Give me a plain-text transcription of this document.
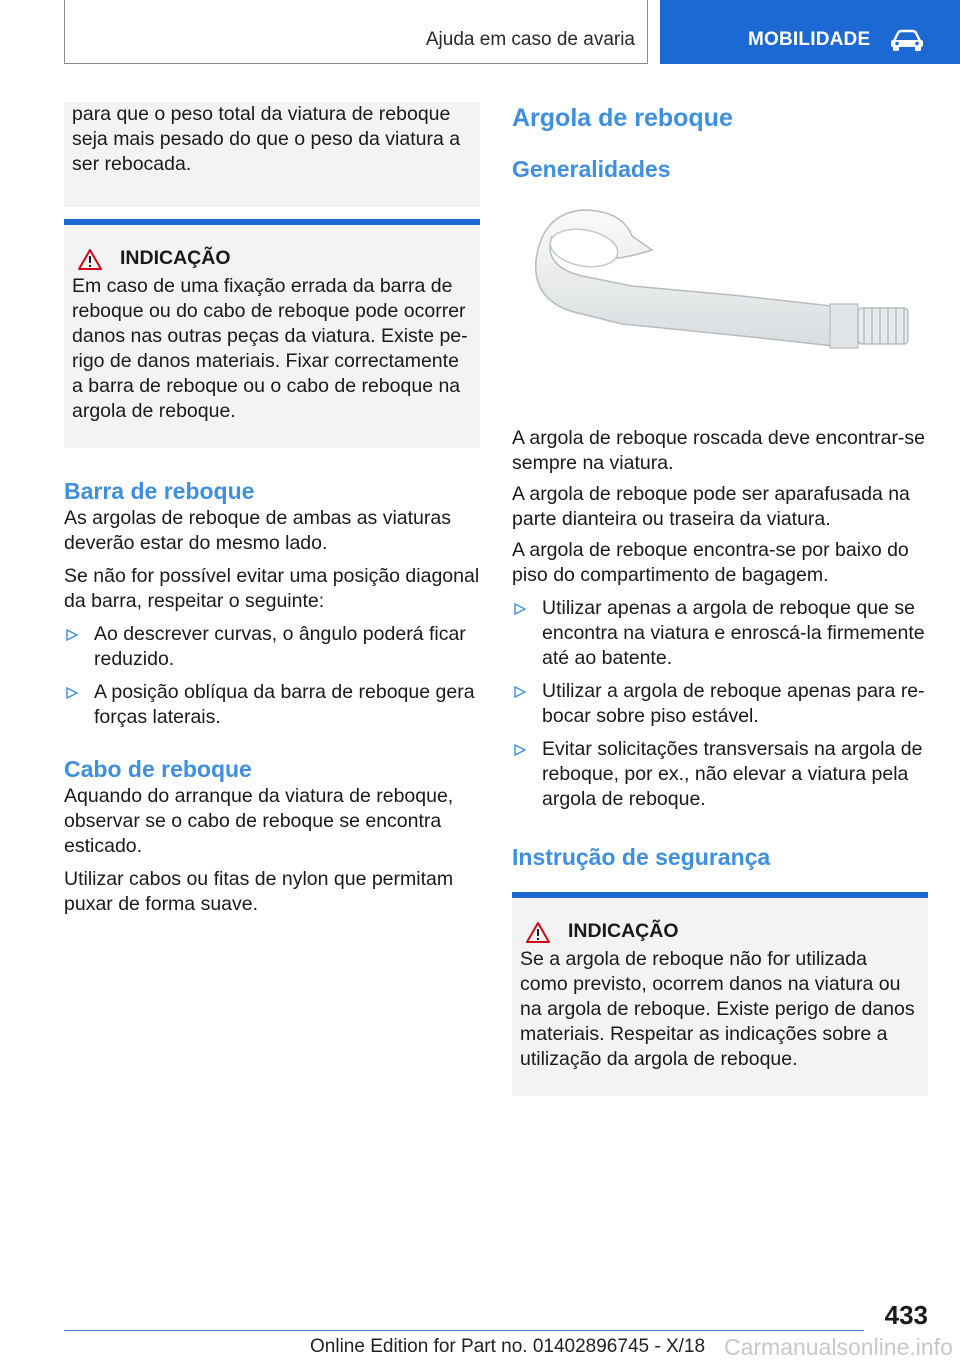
Ajuda em caso de avaria	MOBILIDADE

para que o peso total da viatura de reboque seja mais pesado do que o peso da viatura a ser rebocada.

INDICAÇÃO

Em caso de uma fixação errada da barra de reboque ou do cabo de reboque pode ocorrer danos nas outras peças da viatura. Existe perigo de danos materiais. Fixar correctamente a barra de reboque ou o cabo de reboque na argola de reboque.

Barra de reboque

As argolas de reboque de ambas as viaturas deverão estar do mesmo lado.

Se não for possível evitar uma posição diagonal da barra, respeitar o seguinte:

Ao descrever curvas, o ângulo poderá ficar reduzido.
A posição oblíqua da barra de reboque gera forças laterais.
Cabo de reboque

Aquando do arranque da viatura de reboque, observar se o cabo de reboque se encontra esticado.

Utilizar cabos ou fitas de nylon que permitam puxar de forma suave.

Argola de reboque
Generalidades

A argola de reboque roscada deve encontrar-se sempre na viatura.

A argola de reboque pode ser aparafusada na parte dianteira ou traseira da viatura.

A argola de reboque encontra-se por baixo do piso do compartimento de bagagem.

Utilizar apenas a argola de reboque que se encontra na viatura e enroscá-la firmemente até ao batente.
Utilizar a argola de reboque apenas para rebocar sobre piso estável.
Evitar solicitações transversais na argola de reboque, por ex., não elevar a viatura pela argola de reboque.
Instrução de segurança
INDICAÇÃO

Se a argola de reboque não for utilizada como previsto, ocorrem danos na viatura ou na argola de reboque. Existe perigo de danos materiais. Respeitar as indicações sobre a utilização da argola de reboque.

433
Online Edition for Part no. 01402896745 - X/18 Carmanualsonline.info
